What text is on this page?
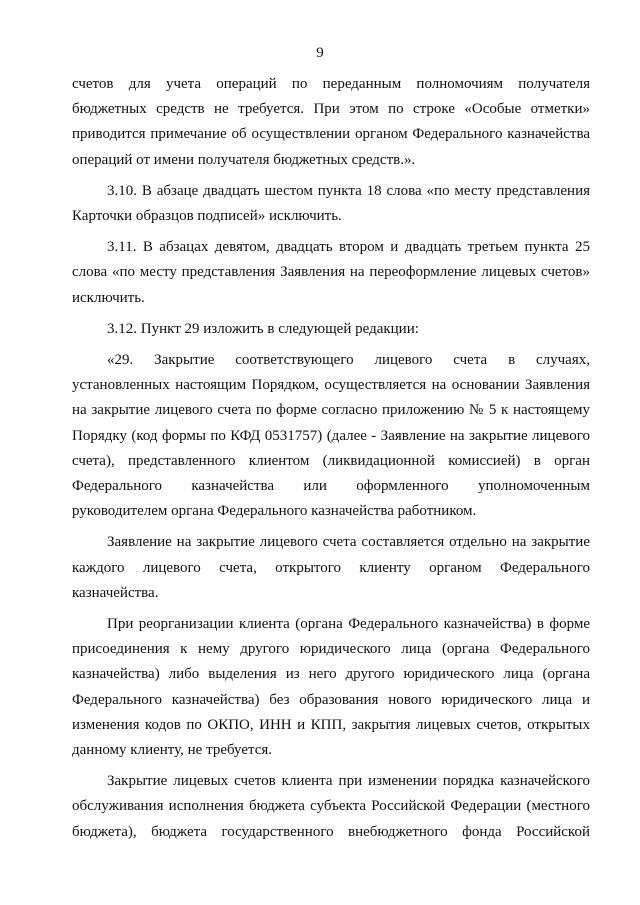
9

счетов для учета операций по переданным полномочиям получателя
бюджетных средств не требуется. При этом по строке «Особые отметки»
приводится примечание об осуществлении органом Федерального казначейства
операций от имени получателя бюджетных средств.».

3.10. В абзаце двадцать шестом пункта 18 слова «по месту представления
Карточки образцов подписей» исключить.

3.11. В абзацах девятом, двадцать втором и двадцать третьем пункта 25
слова «по месту представления Заявления на переоформление лицевых счетов»
исключить.

3.12. Пункт 29 изложить в следующей редакции:

«29. Закрытие соответствующего лицевого счета в случаях,
установленных настоящим Порядком, осуществляется на основании Заявления
на закрытие лицевого счета по форме согласно приложению № 5 к настоящему
Порядку (код формы по КФД 0531757) (далее - Заявление на закрытие лицевого
счета), представленного клиентом (ликвидационной комиссией) в орган
Федерального казначейства или оформленного уполномоченным
руководителем органа Федерального казначейства работником.

Заявление на закрытие лицевого счета составляется отдельно на закрытие
каждого лицевого счета, открытого клиенту органом Федерального
казначейства.

При реорганизации клиента (органа Федерального казначейства) в форме
присоединения к нему другого юридического лица (органа Федерального
казначейства) либо выделения из него другого юридического лица (органа
Федерального казначейства) без образования нового юридического лица и
изменения кодов по ОКПО, ИНН и КПП, закрытия лицевых счетов, открытых
данному клиенту, не требуется.

Закрытие лицевых счетов клиента при изменении порядка казначейского
обслуживания исполнения бюджета субъекта Российской Федерации (местного
бюджета), бюджета государственного внебюджетного фонда Российской
